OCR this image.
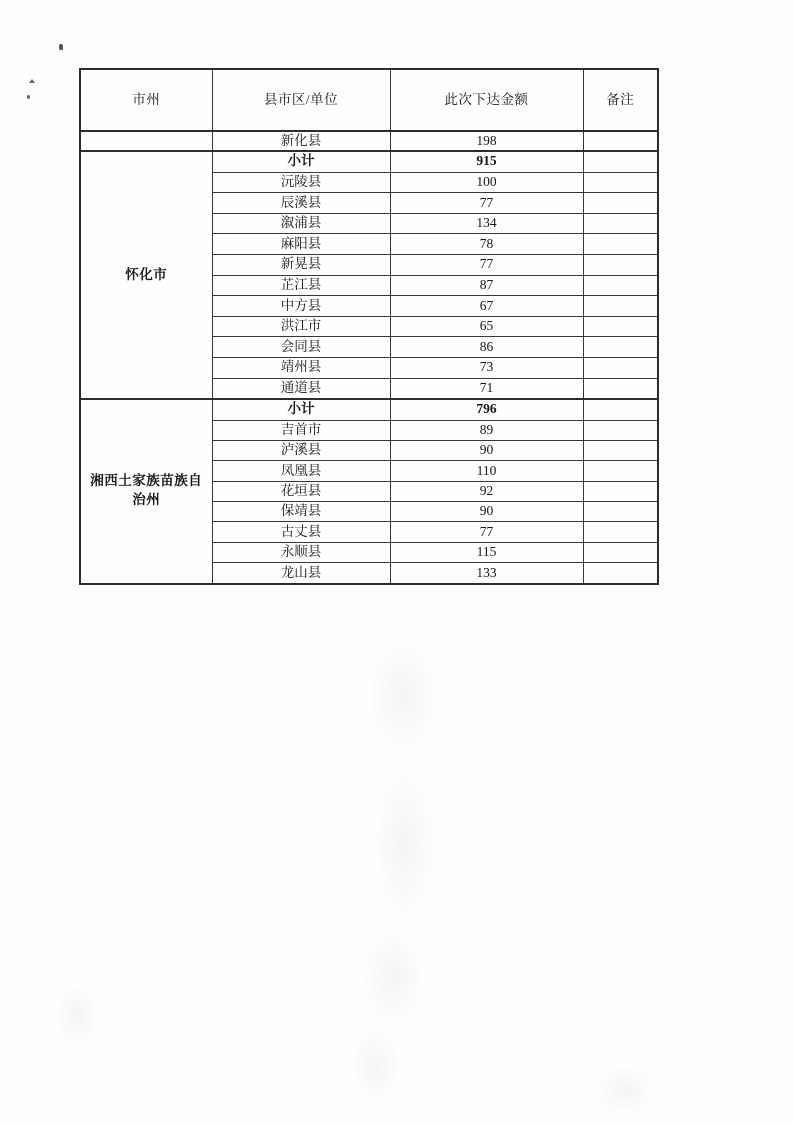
市州	县市区/单位	此次下达金额	备注
	新化县	198	
怀化市	小计	915	
	沅陵县	100	
	辰溪县	77	
	溆浦县	134	
	麻阳县	78	
	新晃县	77	
	芷江县	87	
	中方县	67	
	洪江市	65	
	会同县	86	
	靖州县	73	
	通道县	71	
湘西土家族苗族自治州	小计	796	
	吉首市	89	
	泸溪县	90	
	凤凰县	110	
	花垣县	92	
	保靖县	90	
	古丈县	77	
	永顺县	115	
	龙山县	133	
